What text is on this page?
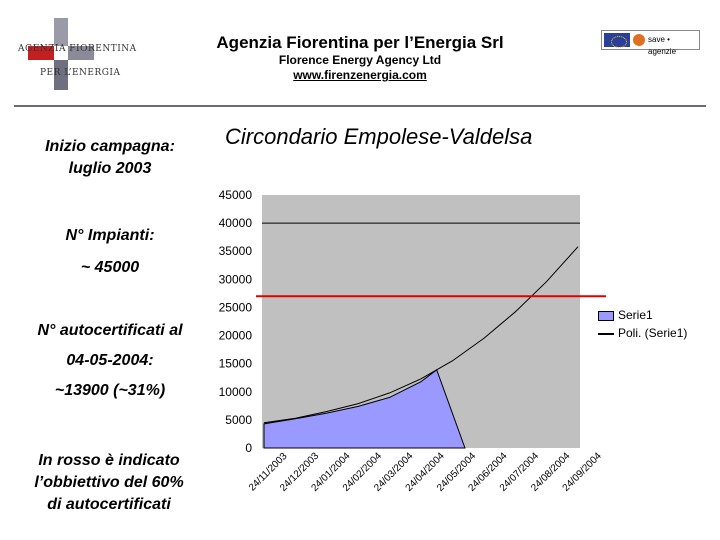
AGENZIA FIORENTINA
PER L’ENERGIA
Agenzia Fiorentina per l’Energia Srl
Florence Energy Agency Ltd
www.firenzenergia.com
save • agenzie
Inizio campagna:
luglio 2003
N° Impianti:
~ 45000
N° autocertificati al
04-05-2004:
~13900 (~31%)
In rosso è indicato
l’obbiettivo del 60%
di autocertificati
Circondario Empolese-Valdelsa
0
5000
10000
15000
20000
25000
30000
35000
40000
45000
24/11/2003
24/12/2003
24/01/2004
24/02/2004
24/03/2004
24/04/2004
24/05/2004
24/06/2004
24/07/2004
24/08/2004
24/09/2004
Serie1
Poli. (Serie1)
